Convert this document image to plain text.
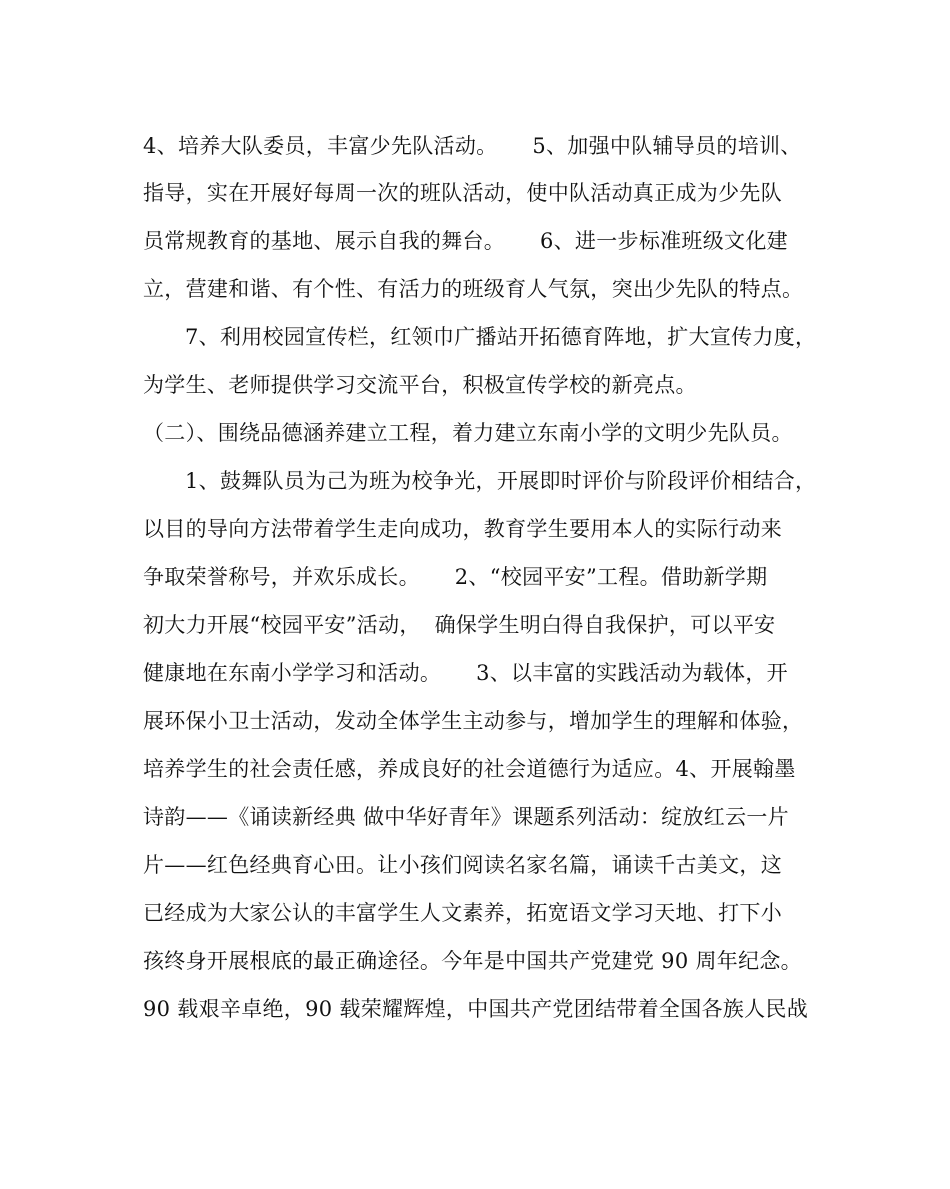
4、培养大队委员，丰富少先队活动。     5、加强中队辅导员的培训、
指导，实在开展好每周一次的班队活动，使中队活动真正成为少先队
员常规教育的基地、展示自我的舞台。     6、进一步标准班级文化建
立，营建和谐、有个性、有活力的班级育人气氛，突出少先队的特点。
7、利用校园宣传栏，红领巾广播站开拓德育阵地，扩大宣传力度，
为学生、老师提供学习交流平台，积极宣传学校的新亮点。
（二）、围绕品德涵养建立工程，着力建立东南小学的文明少先队员。
1、鼓舞队员为己为班为校争光，开展即时评价与阶段评价相结合，
以目的导向方法带着学生走向成功，教育学生要用本人的实际行动来
争取荣誉称号，并欢乐成长。     2、“校园平安”工程。借助新学期
初大力开展“校园平安”活动，  确保学生明白得自我保护，可以平安
健康地在东南小学学习和活动。     3、以丰富的实践活动为载体，开
展环保小卫士活动，发动全体学生主动参与，增加学生的理解和体验，
培养学生的社会责任感，养成良好的社会道德行为适应。4、开展翰墨
诗韵——《诵读新经典 做中华好青年》课题系列活动：绽放红云一片
片——红色经典育心田。让小孩们阅读名家名篇，诵读千古美文，这
已经成为大家公认的丰富学生人文素养，拓宽语文学习天地、打下小
孩终身开展根底的最正确途径。今年是中国共产党建党 90 周年纪念。
90 载艰辛卓绝，90 载荣耀辉煌，中国共产党团结带着全国各族人民战
